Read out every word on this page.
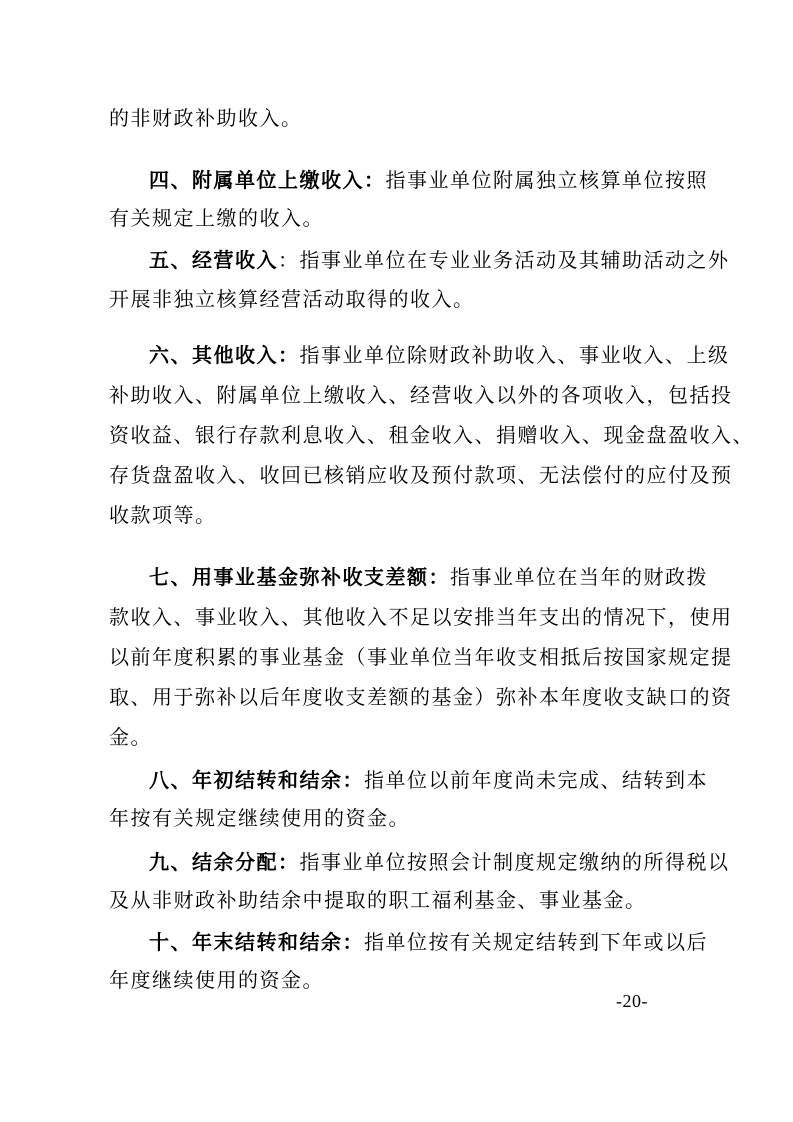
的非财政补助收入。
四、附属单位上缴收入：指事业单位附属独立核算单位按照
有关规定上缴的收入。
五、经营收入：指事业单位在专业业务活动及其辅助活动之外
开展非独立核算经营活动取得的收入。
六、其他收入：指事业单位除财政补助收入、事业收入、上级
补助收入、附属单位上缴收入、经营收入以外的各项收入，包括投
资收益、银行存款利息收入、租金收入、捐赠收入、现金盘盈收入、
存货盘盈收入、收回已核销应收及预付款项、无法偿付的应付及预
收款项等。
七、用事业基金弥补收支差额：指事业单位在当年的财政拨
款收入、事业收入、其他收入不足以安排当年支出的情况下，使用
以前年度积累的事业基金（事业单位当年收支相抵后按国家规定提
取、用于弥补以后年度收支差额的基金）弥补本年度收支缺口的资
金。
八、年初结转和结余：指单位以前年度尚未完成、结转到本
年按有关规定继续使用的资金。
九、结余分配：指事业单位按照会计制度规定缴纳的所得税以
及从非财政补助结余中提取的职工福利基金、事业基金。
十、年末结转和结余：指单位按有关规定结转到下年或以后
年度继续使用的资金。
-20-
